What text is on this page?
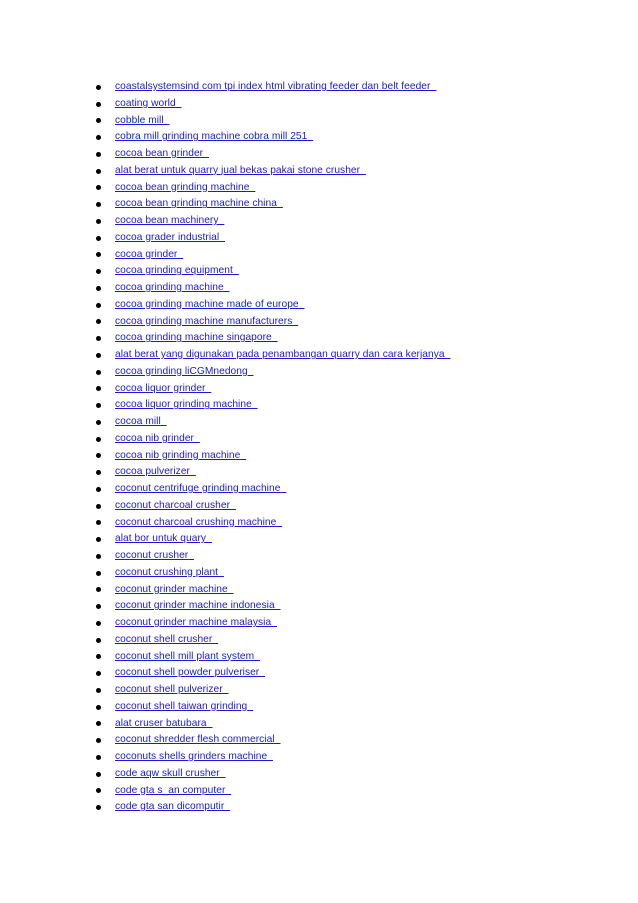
coastalsystemsind com tpi index html vibrating feeder dan belt feeder
coating world
cobble mill
cobra mill grinding machine cobra mill 251
cocoa bean grinder
alat berat untuk quarry jual bekas pakai stone crusher
cocoa bean grinding machine
cocoa bean grinding machine china
cocoa bean machinery
cocoa grader industrial
cocoa grinder
cocoa grinding equipment
cocoa grinding machine
cocoa grinding machine made of europe
cocoa grinding machine manufacturers
cocoa grinding machine singapore
alat berat yang digunakan pada penambangan quarry dan cara kerjanya
cocoa grinding liCGMnedong
cocoa liquor grinder
cocoa liquor grinding machine
cocoa mill
cocoa nib grinder
cocoa nib grinding machine
cocoa pulverizer
coconut centrifuge grinding machine
coconut charcoal crusher
coconut charcoal crushing machine
alat bor untuk quary
coconut crusher
coconut crushing plant
coconut grinder machine
coconut grinder machine indonesia
coconut grinder machine malaysia
coconut shell crusher
coconut shell mill plant system
coconut shell powder pulveriser
coconut shell pulverizer
coconut shell taiwan grinding
alat cruser batubara
coconut shredder flesh commercial
coconuts shells grinders machine
code aqw skull crusher
code gta s_an computer
code gta san dicomputir
